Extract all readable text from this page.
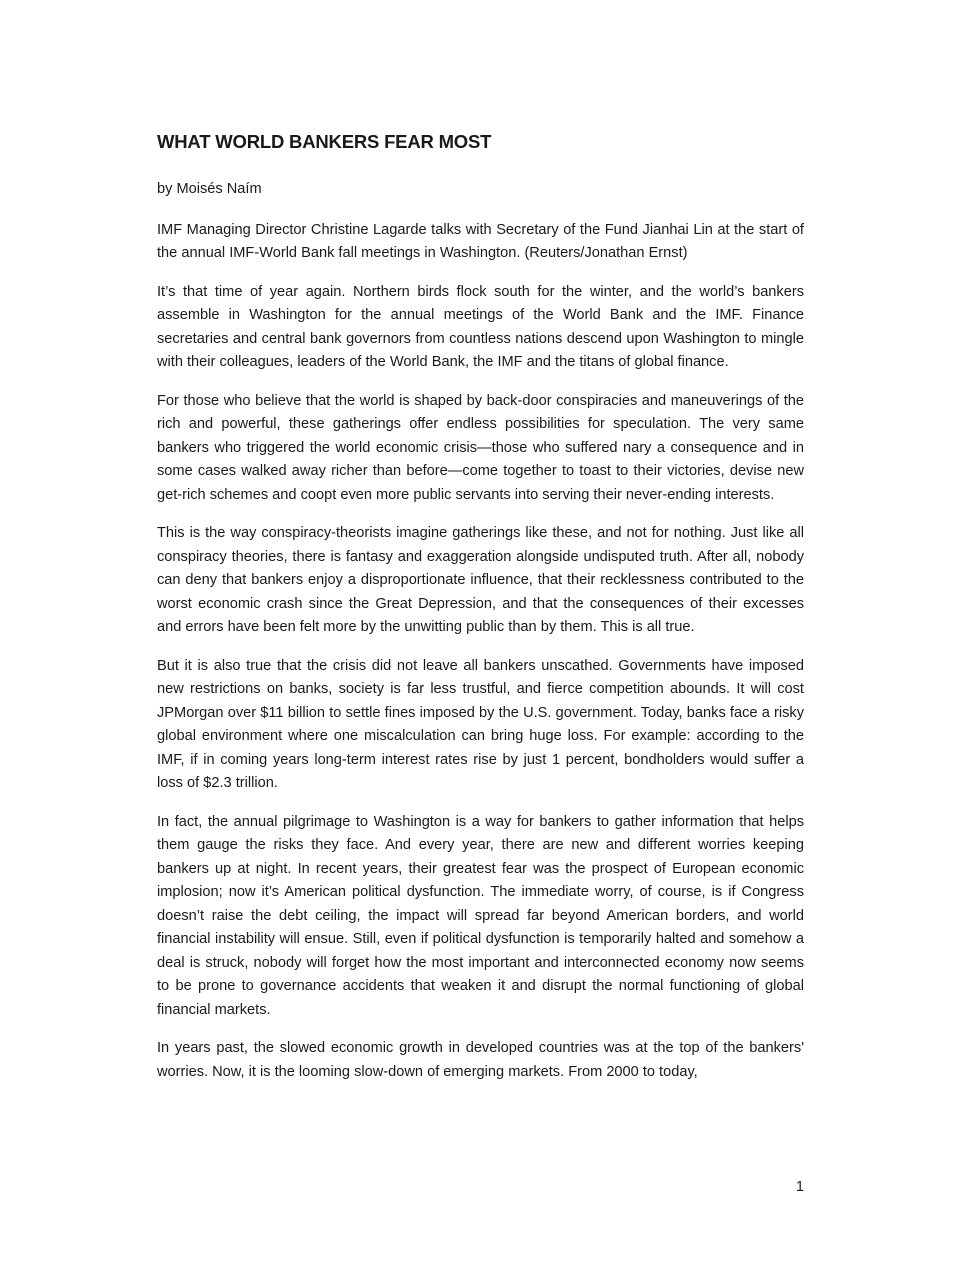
WHAT WORLD BANKERS FEAR MOST

by Moisés Naím

IMF Managing Director Christine Lagarde talks with Secretary of the Fund Jianhai Lin at the start of the annual IMF-World Bank fall meetings in Washington. (Reuters/Jonathan Ernst)

It’s that time of year again. Northern birds flock south for the winter, and the world’s bankers assemble in Washington for the annual meetings of the World Bank and the IMF. Finance secretaries and central bank governors from countless nations descend upon Washington to mingle with their colleagues, leaders of the World Bank, the IMF and the titans of global finance.

For those who believe that the world is shaped by back-door conspiracies and maneuverings of the rich and powerful, these gatherings offer endless possibilities for speculation. The very same bankers who triggered the world economic crisis—those who suffered nary a consequence and in some cases walked away richer than before—come together to toast to their victories, devise new get-rich schemes and coopt even more public servants into serving their never-ending interests.

This is the way conspiracy-theorists imagine gatherings like these, and not for nothing. Just like all conspiracy theories, there is fantasy and exaggeration alongside undisputed truth. After all, nobody can deny that bankers enjoy a disproportionate influence, that their recklessness contributed to the worst economic crash since the Great Depression, and that the consequences of their excesses and errors have been felt more by the unwitting public than by them. This is all true.

But it is also true that the crisis did not leave all bankers unscathed. Governments have imposed new restrictions on banks, society is far less trustful, and fierce competition abounds. It will cost JPMorgan over $11 billion to settle fines imposed by the U.S. government. Today, banks face a risky global environment where one miscalculation can bring huge loss. For example: according to the IMF, if in coming years long-term interest rates rise by just 1 percent, bondholders would suffer a loss of $2.3 trillion.

In fact, the annual pilgrimage to Washington is a way for bankers to gather information that helps them gauge the risks they face. And every year, there are new and different worries keeping bankers up at night. In recent years, their greatest fear was the prospect of European economic implosion; now it’s American political dysfunction. The immediate worry, of course, is if Congress doesn’t raise the debt ceiling, the impact will spread far beyond American borders, and world financial instability will ensue. Still, even if political dysfunction is temporarily halted and somehow a deal is struck, nobody will forget how the most important and interconnected economy now seems to be prone to governance accidents that weaken it and disrupt the normal functioning of global financial markets.

In years past, the slowed economic growth in developed countries was at the top of the bankers' worries. Now, it is the looming slow-down of emerging markets. From 2000 to today,

1
